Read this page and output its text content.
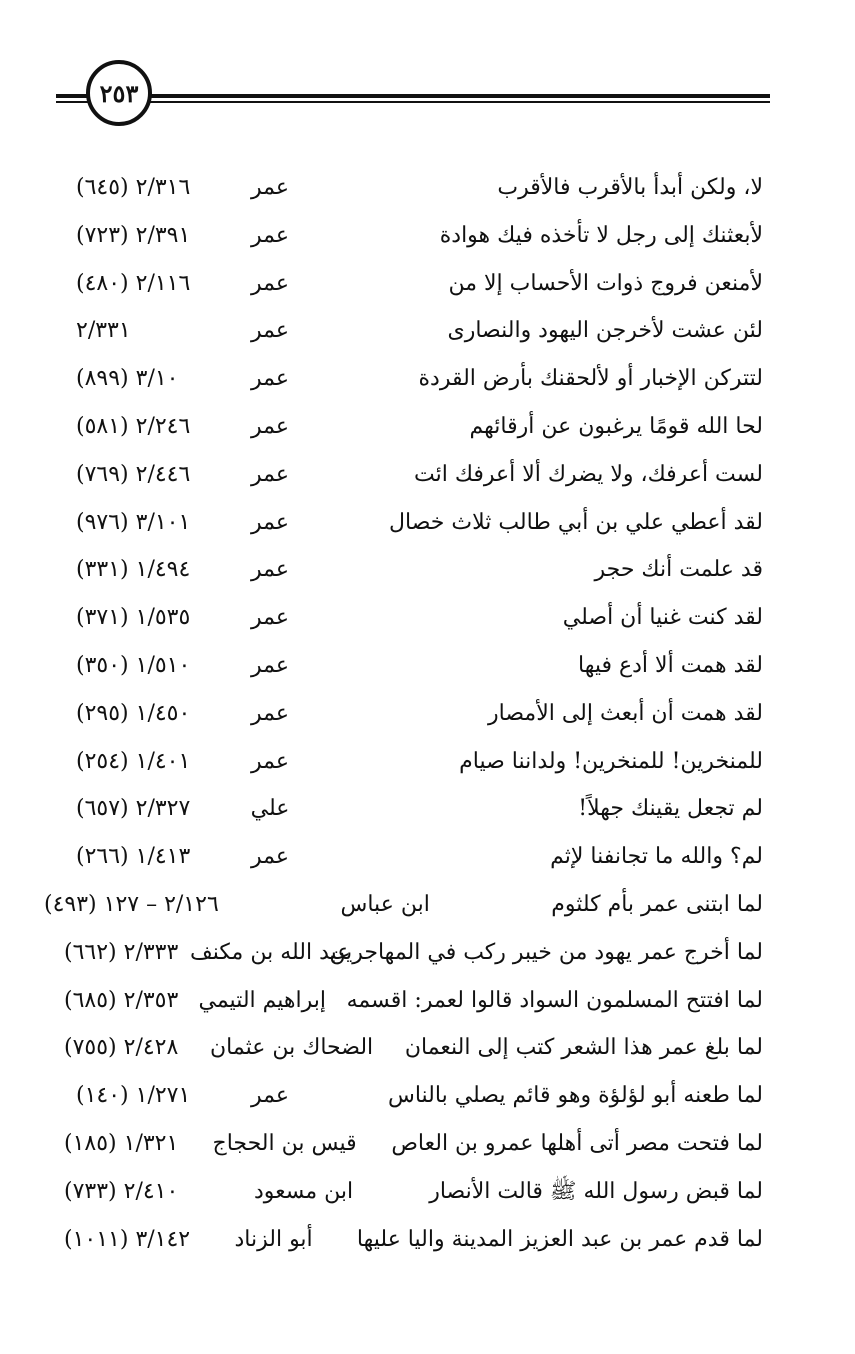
٢٥٣
لا، ولكن أبدأ بالأقرب فالأقرب
عمر
٢/٣١٦ (٦٤٥)
لأبعثنك إلى رجل لا تأخذه فيك هوادة
عمر
٢/٣٩١ (٧٢٣)
لأمنعن فروج ذوات الأحساب إلا من
عمر
٢/١١٦ (٤٨٠)
لئن عشت لأخرجن اليهود والنصارى
عمر
٢/٣٣١
لتتركن الإخبار أو لألحقنك بأرض القردة
عمر
٣/١٠ (٨٩٩)
لحا الله قومًا يرغبون عن أرقائهم
عمر
٢/٢٤٦ (٥٨١)
لست أعرفك، ولا يضرك ألا أعرفك ائت
عمر
٢/٤٤٦ (٧٦٩)
لقد أعطي علي بن أبي طالب ثلاث خصال
عمر
٣/١٠١ (٩٧٦)
قد علمت أنك حجر
عمر
١/٤٩٤ (٣٣١)
لقد كنت غنيا أن أصلي
عمر
١/٥٣٥ (٣٧١)
لقد همت ألا أدع فيها
عمر
١/٥١٠ (٣٥٠)
لقد همت أن أبعث إلى الأمصار
عمر
١/٤٥٠ (٢٩٥)
للمنخرين! للمنخرين! ولداننا صيام
عمر
١/٤٠١ (٢٥٤)
لم تجعل يقينك جهلاً!
علي
٢/٣٢٧ (٦٥٧)
لم؟ والله ما تجانفنا لإثم
عمر
١/٤١٣ (٢٦٦)
لما ابتنى عمر بأم كلثوم
ابن عباس
٢/١٢٦ – ١٢٧ (٤٩٣)
لما أخرج عمر يهود من خيبر ركب في المهاجرين
عبد الله بن مكنف
٢/٣٣٣ (٦٦٢)
لما افتتح المسلمون السواد قالوا لعمر: اقسمه
إبراهيم التيمي
٢/٣٥٣ (٦٨٥)
لما بلغ عمر هذا الشعر كتب إلى النعمان
الضحاك بن عثمان
٢/٤٢٨ (٧٥٥)
لما طعنه أبو لؤلؤة وهو قائم يصلي بالناس
عمر
١/٢٧١ (١٤٠)
لما فتحت مصر أتى أهلها عمرو بن العاص
قيس بن الحجاج
١/٣٢١ (١٨٥)
لما قبض رسول الله ﷺ قالت الأنصار
ابن مسعود
٢/٤١٠ (٧٣٣)
لما قدم عمر بن عبد العزيز المدينة واليا عليها
أبو الزناد
٣/١٤٢ (١٠١١)
